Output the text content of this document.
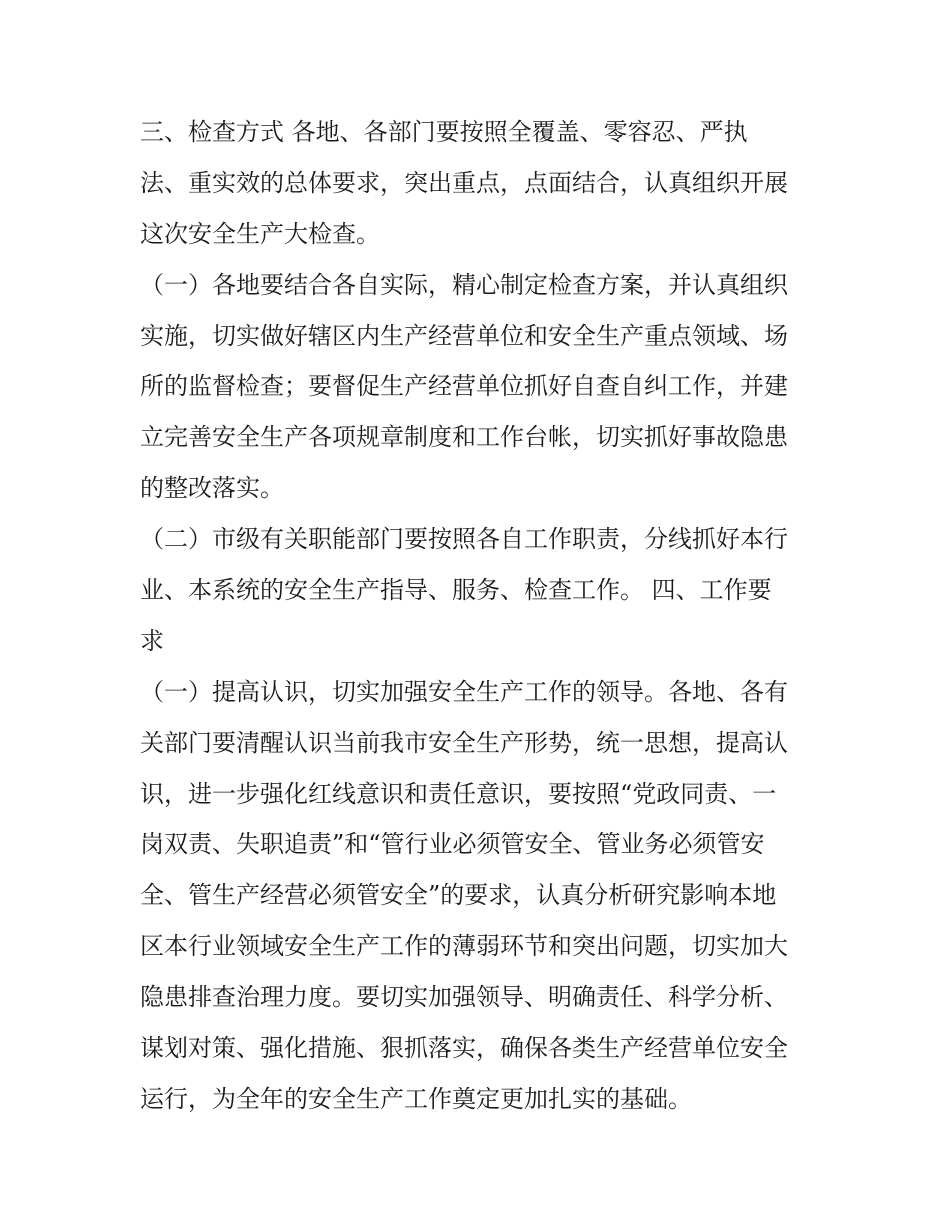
三、检查方式 各地、各部门要按照全覆盖、零容忍、严执
法、重实效的总体要求，突出重点，点面结合，认真组织开展
这次安全生产大检查。
（一）各地要结合各自实际，精心制定检查方案，并认真组织
实施，切实做好辖区内生产经营单位和安全生产重点领域、场
所的监督检查；要督促生产经营单位抓好自查自纠工作，并建
立完善安全生产各项规章制度和工作台帐，切实抓好事故隐患
的整改落实。
（二）市级有关职能部门要按照各自工作职责，分线抓好本行
业、本系统的安全生产指导、服务、检查工作。 四、工作要
求
（一）提高认识，切实加强安全生产工作的领导。各地、各有
关部门要清醒认识当前我市安全生产形势，统一思想，提高认
识，进一步强化红线意识和责任意识，要按照“党政同责、一
岗双责、失职追责”和“管行业必须管安全、管业务必须管安
全、管生产经营必须管安全”的要求，认真分析研究影响本地
区本行业领域安全生产工作的薄弱环节和突出问题，切实加大
隐患排查治理力度。要切实加强领导、明确责任、科学分析、
谋划对策、强化措施、狠抓落实，确保各类生产经营单位安全
运行，为全年的安全生产工作奠定更加扎实的基础。
